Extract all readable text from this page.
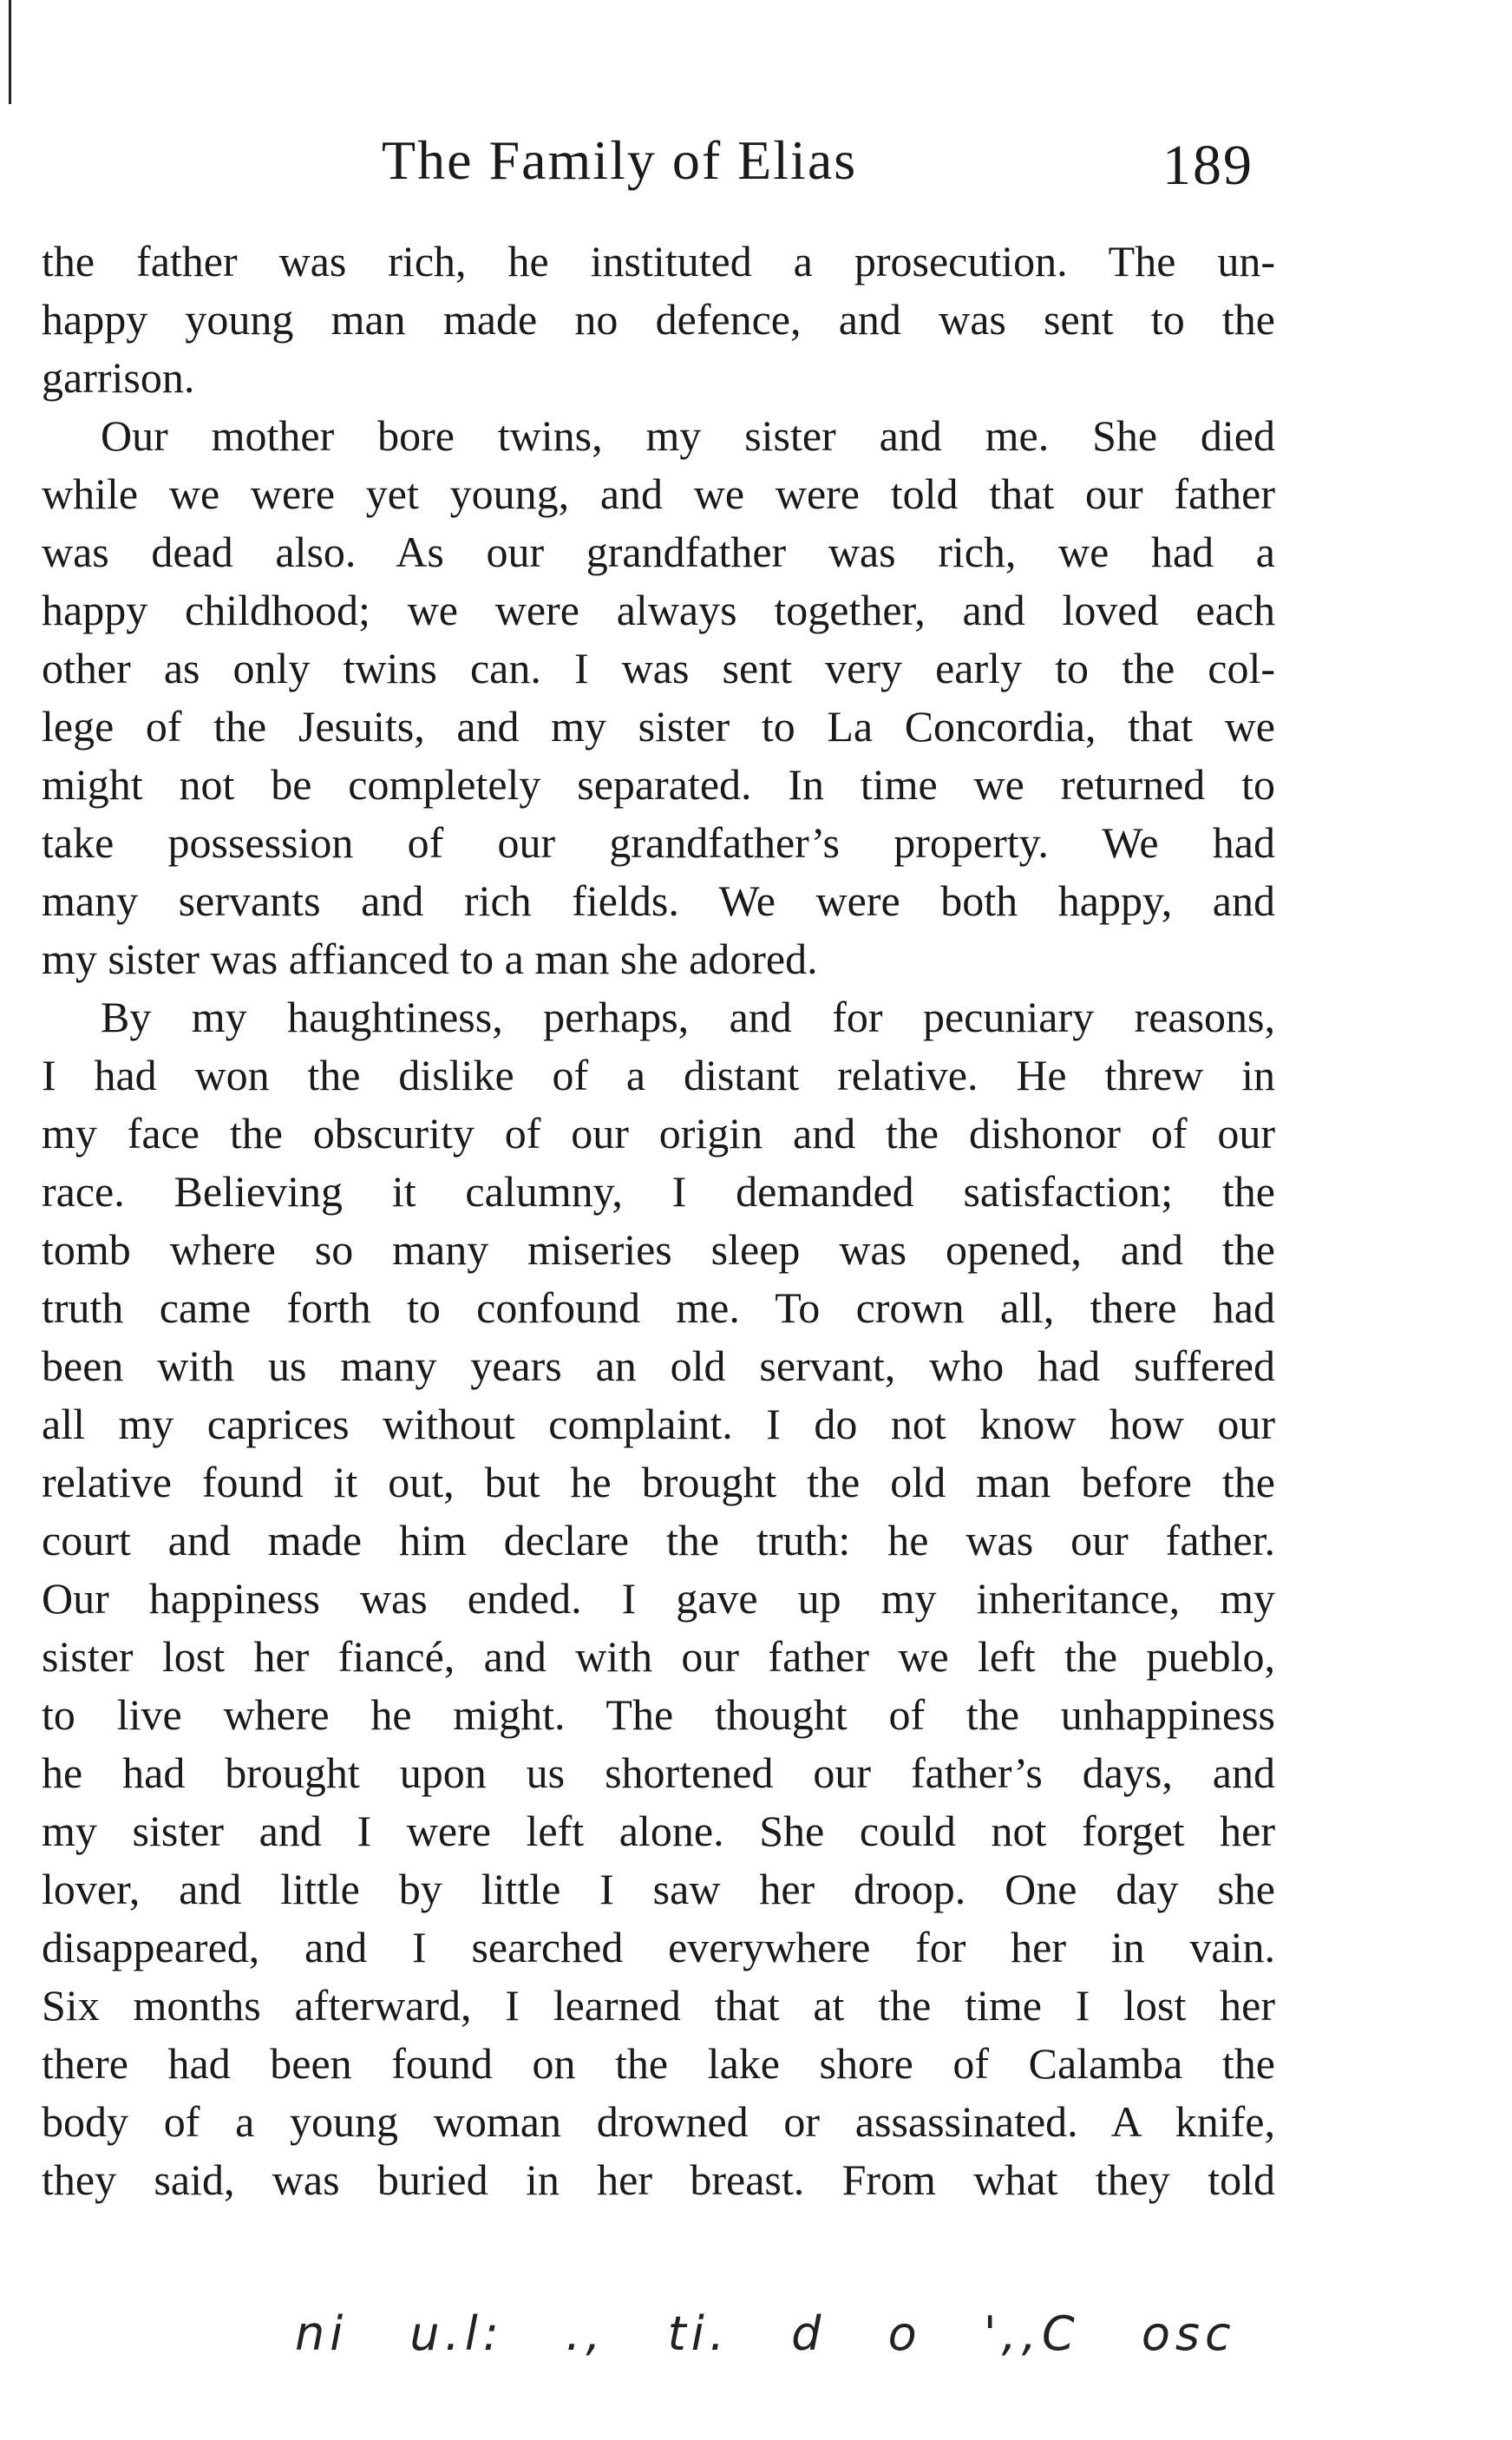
The Family of Elias	189
the father was rich, he instituted a prosecution. The un-
happy young man made no defence, and was sent to the
garrison.
Our mother bore twins, my sister and me. She died
while we were yet young, and we were told that our father
was dead also. As our grandfather was rich, we had a
happy childhood; we were always together, and loved each
other as only twins can. I was sent very early to the col-
lege of the Jesuits, and my sister to La Concordia, that we
might not be completely separated. In time we returned to
take possession of our grandfather’s property. We had
many servants and rich fields. We were both happy, and
my sister was affianced to a man she adored.
By my haughtiness, perhaps, and for pecuniary reasons,
I had won the dislike of a distant relative. He threw in
my face the obscurity of our origin and the dishonor of our
race. Believing it calumny, I demanded satisfaction; the
tomb where so many miseries sleep was opened, and the
truth came forth to confound me. To crown all, there had
been with us many years an old servant, who had suffered
all my caprices without complaint. I do not know how our
relative found it out, but he brought the old man before the
court and made him declare the truth: he was our father.
Our happiness was ended. I gave up my inheritance, my
sister lost her fiancé, and with our father we left the pueblo,
to live where he might. The thought of the unhappiness
he had brought upon us shortened our father’s days, and
my sister and I were left alone. She could not forget her
lover, and little by little I saw her droop. One day she
disappeared, and I searched everywhere for her in vain.
Six months afterward, I learned that at the time I lost her
there had been found on the lake shore of Calamba the
body of a young woman drowned or assassinated. A knife,
they said, was buried in her breast. From what they told
ni u.l: ., ti. d o ',,C osc
